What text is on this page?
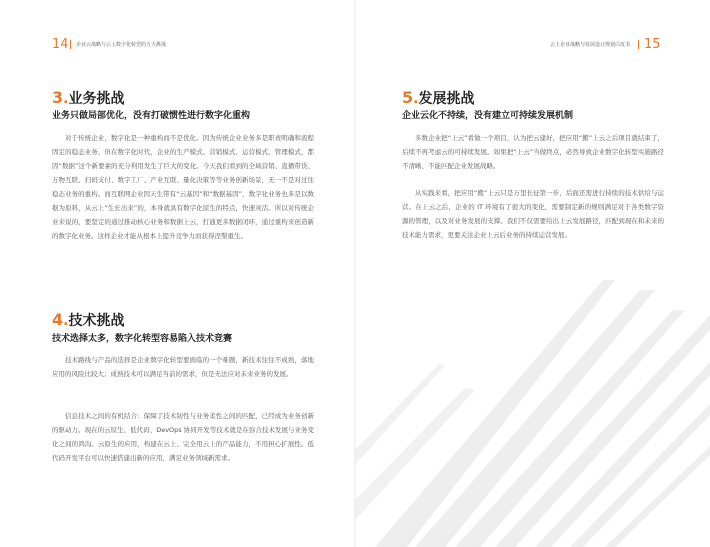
14 企业云战略与云上数字化转型的五大挑战
3.业务挑战
业务只做局部优化，没有打破惯性进行数字化重构
对于传统企业，数字化是一种重构而不是优化。因为传统企业业务多是职责明确和流程固定的稳态业务，但在数字化时代，企业的生产模式、营销模式、运营模式、管理模式，都因“数据”这个新要素的充分利用发生了巨大的变化。今天我们看到的全域营销、直播带货、万物互联、扫码支付、数字工厂、产业互联、量化决策等等业务创新场景，无一不是对过往稳态业务的重构。而互联网企业因天生带有“云基因”和“数据基因”，数字化业务也多是以数据为原料，从云上“生长出来”的，本身就具有数字化原生的特点，快速灵活。所以对传统企业来说的，要坚定的通过推动核心业务和数据上云，打通更多数据闭环，通过重构来创造新的数字化业务。这样企业才能从根本上提升竞争力而获得涅槃重生。
4.技术挑战
技术选择太多，数字化转型容易陷入技术竞赛
技术路线与产品的选择是企业数字化转型要面临的一个难题，新技术往往不成熟，落地应用的风险比较大；成熟技术可以满足当前的需求，但是无法应对未来业务的发展。
信息技术之间的有机结合：保障了技术韧性与业务柔性之间的匹配，已经成为业务创新的驱动力。现在的云原生、低代码、DevOps 协同开发等技术就是在弥合技术发展与业务变化之间的鸿沟。云原生的应用，构建在云上、完全用云上的产品能力，不用担心扩展性。低代码开发平台可以快速搭建出新的应用，满足业务领域新需求。
云上企业战略与发展设计规划白皮书 15
5.发展挑战
企业云化不持续，没有建立可持续发展机制
多数企业把“上云”看做一个项目，认为把云建好，把应用“搬”上云之后项目就结束了，后续不再考虑云的可持续发展。如果把“上云”当做终点，必然导致企业数字化转型实施路径不清晰、不能匹配企业发展战略。
从实践来看，把应用“搬”上云只是万里长征第一步，后面还需进行持续的技术供给与运营。在上云之后，企业的 IT 环境有了很大的变化，需要制定新的规则满足对于各类数字资源的管理，以及对业务发展的支撑。我们不仅需要给出上云发展路径，匹配到现在和未来的技术能力需求，更要关注企业上云后业务的持续运营发展。
